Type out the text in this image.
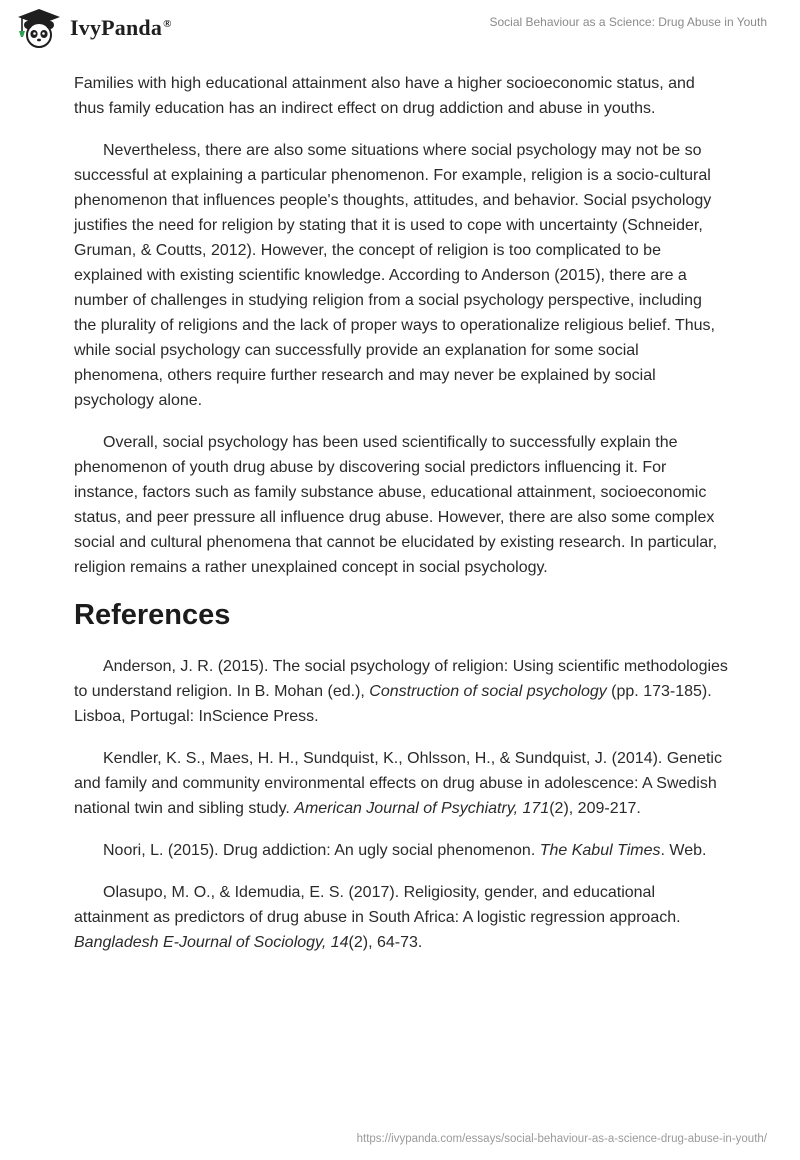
IvyPanda®	Social Behaviour as a Science: Drug Abuse in Youth

Families with high educational attainment also have a higher socioeconomic status, and thus family education has an indirect effect on drug addiction and abuse in youths.

Nevertheless, there are also some situations where social psychology may not be so successful at explaining a particular phenomenon. For example, religion is a socio-cultural phenomenon that influences people's thoughts, attitudes, and behavior. Social psychology justifies the need for religion by stating that it is used to cope with uncertainty (Schneider, Gruman, & Coutts, 2012). However, the concept of religion is too complicated to be explained with existing scientific knowledge. According to Anderson (2015), there are a number of challenges in studying religion from a social psychology perspective, including the plurality of religions and the lack of proper ways to operationalize religious belief. Thus, while social psychology can successfully provide an explanation for some social phenomena, others require further research and may never be explained by social psychology alone.

Overall, social psychology has been used scientifically to successfully explain the phenomenon of youth drug abuse by discovering social predictors influencing it. For instance, factors such as family substance abuse, educational attainment, socioeconomic status, and peer pressure all influence drug abuse. However, there are also some complex social and cultural phenomena that cannot be elucidated by existing research. In particular, religion remains a rather unexplained concept in social psychology.

References

Anderson, J. R. (2015). The social psychology of religion: Using scientific methodologies to understand religion. In B. Mohan (ed.), Construction of social psychology (pp. 173-185). Lisboa, Portugal: InScience Press.

Kendler, K. S., Maes, H. H., Sundquist, K., Ohlsson, H., & Sundquist, J. (2014). Genetic and family and community environmental effects on drug abuse in adolescence: A Swedish national twin and sibling study. American Journal of Psychiatry, 171(2), 209-217.

Noori, L. (2015). Drug addiction: An ugly social phenomenon. The Kabul Times. Web.

Olasupo, M. O., & Idemudia, E. S. (2017). Religiosity, gender, and educational attainment as predictors of drug abuse in South Africa: A logistic regression approach. Bangladesh E-Journal of Sociology, 14(2), 64-73.

https://ivypanda.com/essays/social-behaviour-as-a-science-drug-abuse-in-youth/
